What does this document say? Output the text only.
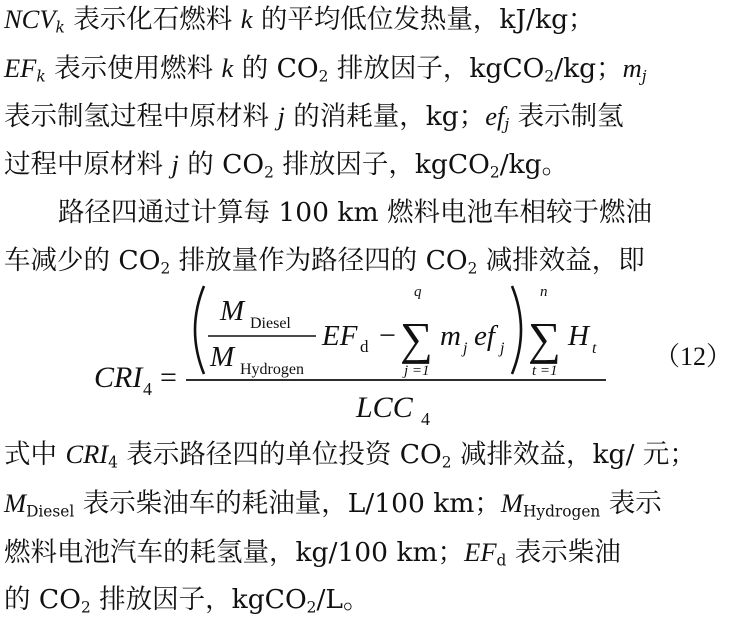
$NCV_k$ 表示化石燃料 k 的平均低位发热量，kJ/kg；
$EF_k$ 表示使用燃料 k 的 $CO_2$ 排放因子，kgCO$_2$/kg；$m_j$
表示制氢过程中原材料 j 的消耗量，kg；$ef_j$ 表示制氢
过程中原材料 j 的 $CO_2$ 排放因子，kgCO$_2$/kg。
路径四通过计算每 100 km 燃料电池车相较于燃油
车减少的 $CO_2$ 排放量作为路径四的 $CO_2$ 减排效益，即
CRI 4 =
M Diesel
M Hydrogen
EF d −
q
∑
j =1
m j ef j
n
∑
t =1
H t
LCC 4
（12）
式中 $CRI_4$ 表示路径四的单位投资 $CO_2$ 减排效益，kg/ 元；
$M_{Diesel}$ 表示柴油车的耗油量，L/100 km；$M_{Hydrogen}$ 表示
燃料电池汽车的耗氢量，kg/100 km；$EF_d$ 表示柴油
的 $CO_2$ 排放因子，kgCO$_2$/L。
